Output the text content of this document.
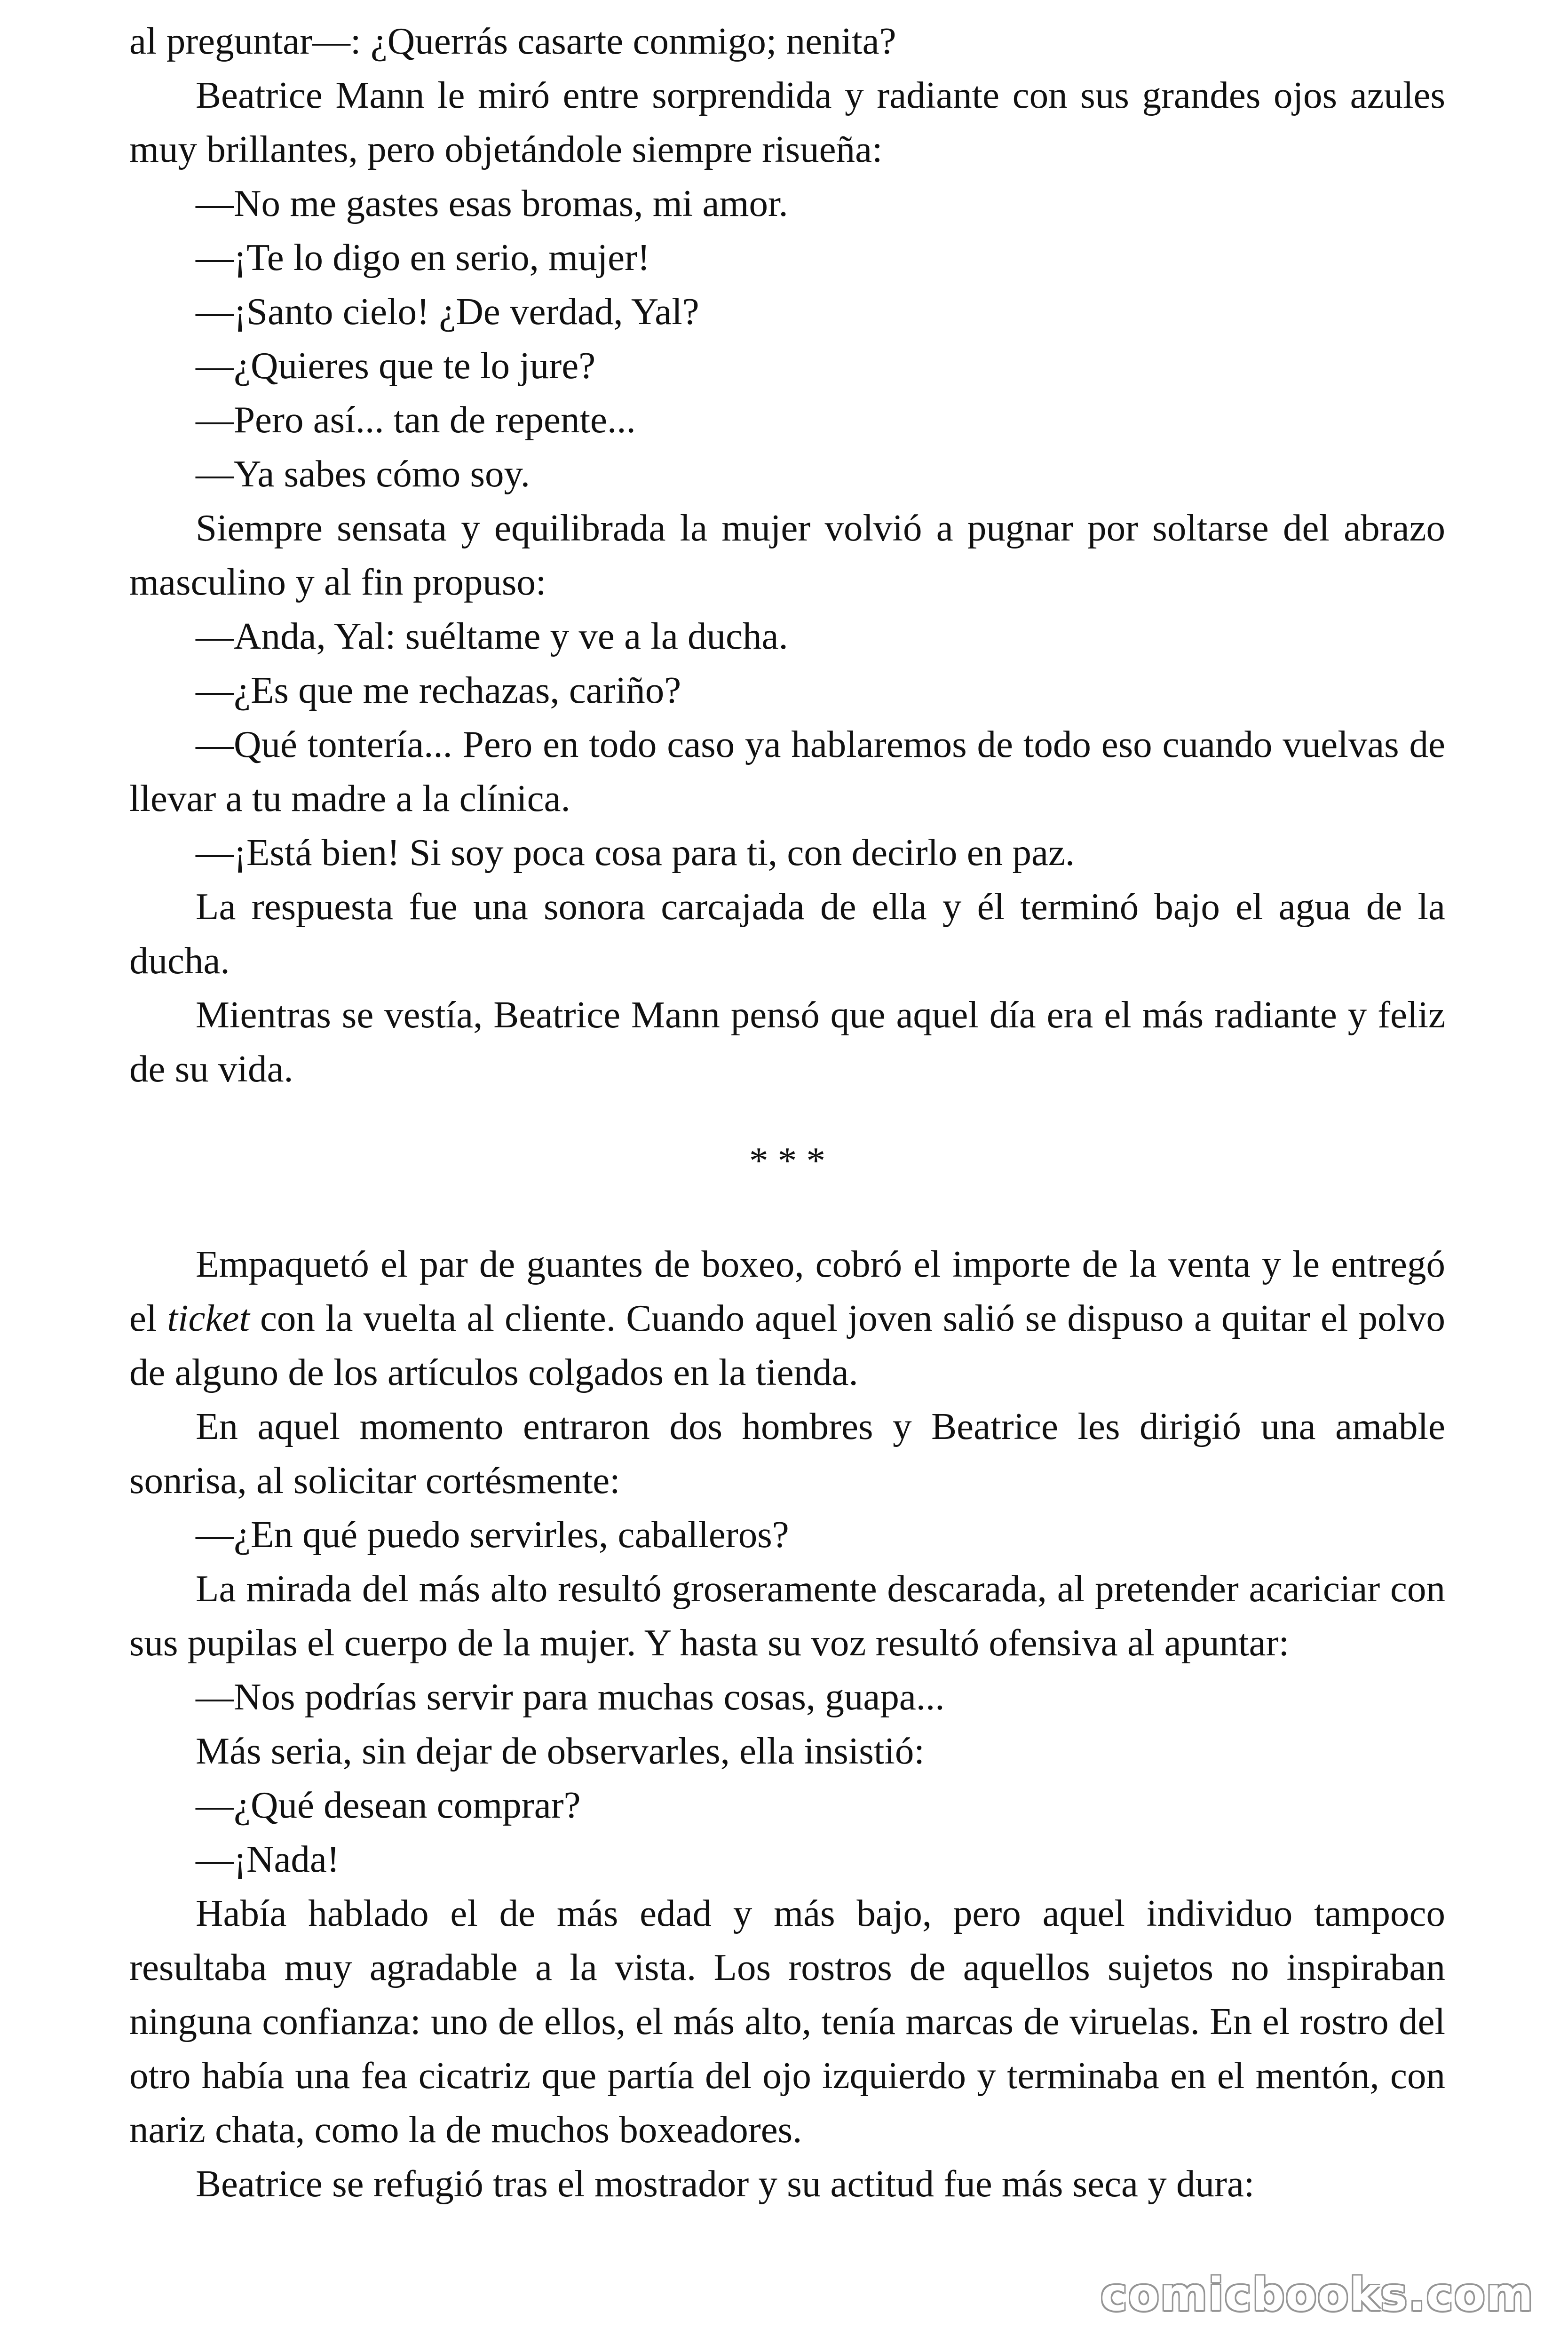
al preguntar—: ¿Querrás casarte conmigo; nenita?

Beatrice Mann le miró entre sorprendida y radiante con sus grandes ojos azules muy brillantes, pero objetándole siempre risueña:

—No me gastes esas bromas, mi amor.

—¡Te lo digo en serio, mujer!

—¡Santo cielo! ¿De verdad, Yal?

—¿Quieres que te lo jure?

—Pero así... tan de repente...

—Ya sabes cómo soy.

Siempre sensata y equilibrada la mujer volvió a pugnar por soltarse del abrazo masculino y al fin propuso:

—Anda, Yal: suéltame y ve a la ducha.

—¿Es que me rechazas, cariño?

—Qué tontería... Pero en todo caso ya hablaremos de todo eso cuando vuelvas de llevar a tu madre a la clínica.

—¡Está bien! Si soy poca cosa para ti, con decirlo en paz.

La respuesta fue una sonora carcajada de ella y él terminó bajo el agua de la ducha.

Mientras se vestía, Beatrice Mann pensó que aquel día era el más radiante y feliz de su vida.

* * *

Empaquetó el par de guantes de boxeo, cobró el importe de la venta y le entregó el ticket con la vuelta al cliente. Cuando aquel joven salió se dispuso a quitar el polvo de alguno de los artículos colgados en la tienda.

En aquel momento entraron dos hombres y Beatrice les dirigió una amable sonrisa, al solicitar cortésmente:

—¿En qué puedo servirles, caballeros?

La mirada del más alto resultó groseramente descarada, al pretender acariciar con sus pupilas el cuerpo de la mujer. Y hasta su voz resultó ofensiva al apuntar:

—Nos podrías servir para muchas cosas, guapa...

Más seria, sin dejar de observarles, ella insistió:

—¿Qué desean comprar?

—¡Nada!

Había hablado el de más edad y más bajo, pero aquel individuo tampoco resultaba muy agradable a la vista. Los rostros de aquellos sujetos no inspiraban ninguna confianza: uno de ellos, el más alto, tenía marcas de viruelas. En el rostro del otro había una fea cicatriz que partía del ojo izquierdo y terminaba en el mentón, con nariz chata, como la de muchos boxeadores.

Beatrice se refugió tras el mostrador y su actitud fue más seca y dura:

comicbooks.com
